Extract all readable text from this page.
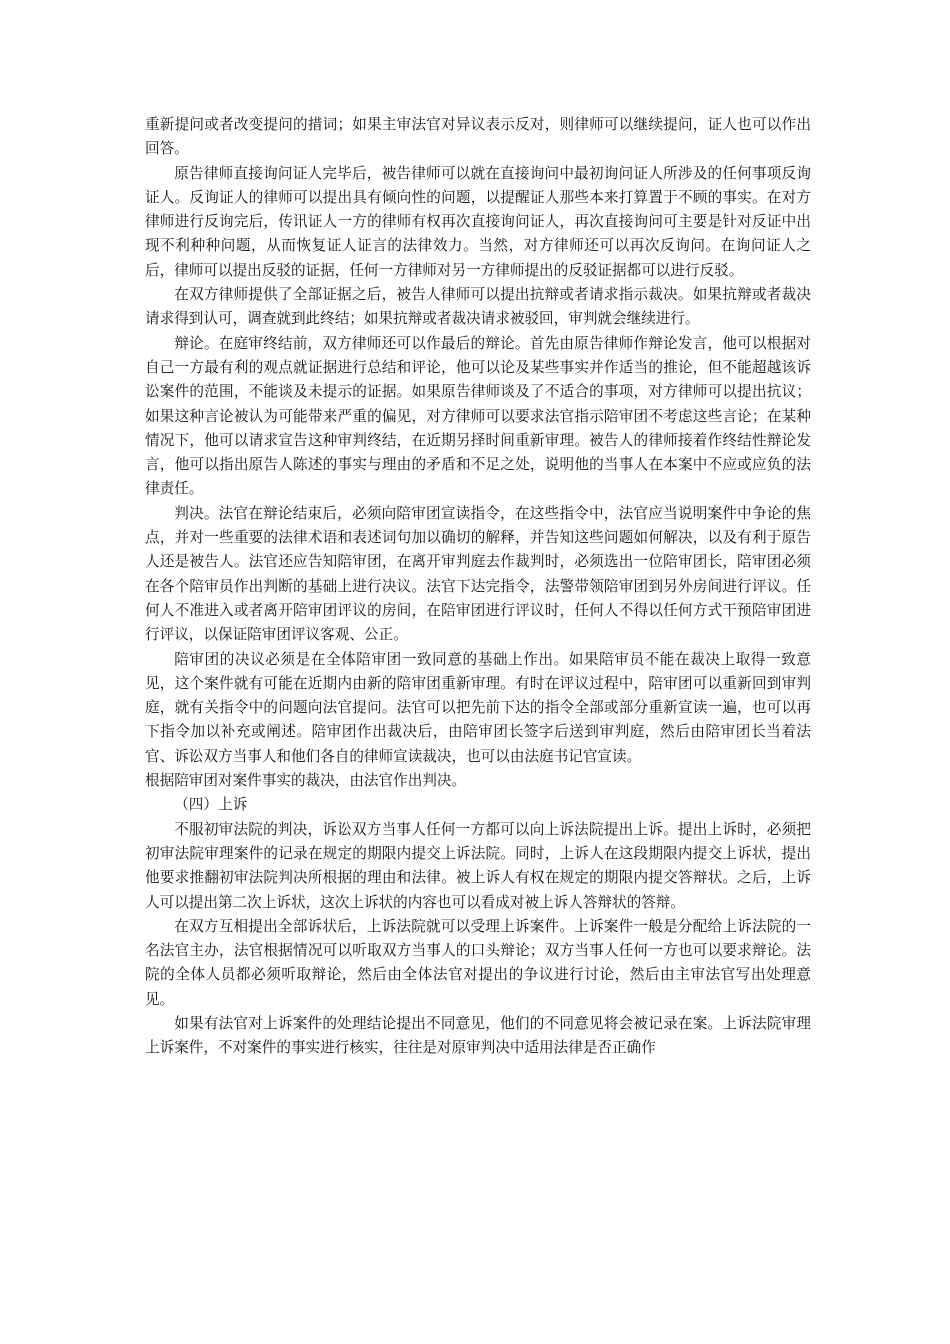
重新提问或者改变提问的措词；如果主审法官对异议表示反对，则律师可以继续提问，证人也可以作出回答。

原告律师直接询问证人完毕后，被告律师可以就在直接询问中最初询问证人所涉及的任何事项反询证人。反询证人的律师可以提出具有倾向性的问题，以提醒证人那些本来打算置于不顾的事实。在对方律师进行反询完后，传讯证人一方的律师有权再次直接询问证人，再次直接询问可主要是针对反证中出现不利种种问题，从而恢复证人证言的法律效力。当然，对方律师还可以再次反询问。在询问证人之后，律师可以提出反驳的证据，任何一方律师对另一方律师提出的反驳证据都可以进行反驳。

在双方律师提供了全部证据之后，被告人律师可以提出抗辩或者请求指示裁决。如果抗辩或者裁决请求得到认可，调查就到此终结；如果抗辩或者裁决请求被驳回，审判就会继续进行。

辩论。在庭审终结前，双方律师还可以作最后的辩论。首先由原告律师作辩论发言，他可以根据对自己一方最有利的观点就证据进行总结和评论，他可以论及某些事实并作适当的推论，但不能超越该诉讼案件的范围，不能谈及未提示的证据。如果原告律师谈及了不适合的事项，对方律师可以提出抗议；如果这种言论被认为可能带来严重的偏见，对方律师可以要求法官指示陪审团不考虑这些言论；在某种情况下，他可以请求宣告这种审判终结，在近期另择时间重新审理。被告人的律师接着作终结性辩论发言，他可以指出原告人陈述的事实与理由的矛盾和不足之处，说明他的当事人在本案中不应或应负的法律责任。

判决。法官在辩论结束后，必须向陪审团宣读指令，在这些指令中，法官应当说明案件中争论的焦点，并对一些重要的法律术语和表述词句加以确切的解释，并告知这些问题如何解决，以及有利于原告人还是被告人。法官还应告知陪审团，在离开审判庭去作裁判时，必须选出一位陪审团长，陪审团必须在各个陪审员作出判断的基础上进行决议。法官下达完指令，法警带领陪审团到另外房间进行评议。任何人不准进入或者离开陪审团评议的房间，在陪审团进行评议时，任何人不得以任何方式干预陪审团进行评议，以保证陪审团评议客观、公正。

陪审团的决议必须是在全体陪审团一致同意的基础上作出。如果陪审员不能在裁决上取得一致意见，这个案件就有可能在近期内由新的陪审团重新审理。有时在评议过程中，陪审团可以重新回到审判庭，就有关指令中的问题向法官提问。法官可以把先前下达的指令全部或部分重新宣读一遍，也可以再下指令加以补充或阐述。陪审团作出裁决后，由陪审团长签字后送到审判庭，然后由陪审团长当着法官、诉讼双方当事人和他们各自的律师宣读裁决，也可以由法庭书记官宣读。

根据陪审团对案件事实的裁决，由法官作出判决。

（四）上诉

不服初审法院的判决，诉讼双方当事人任何一方都可以向上诉法院提出上诉。提出上诉时，必须把初审法院审理案件的记录在规定的期限内提交上诉法院。同时，上诉人在这段期限内提交上诉状，提出他要求推翻初审法院判决所根据的理由和法律。被上诉人有权在规定的期限内提交答辩状。之后，上诉人可以提出第二次上诉状，这次上诉状的内容也可以看成对被上诉人答辩状的答辩。

在双方互相提出全部诉状后，上诉法院就可以受理上诉案件。上诉案件一般是分配给上诉法院的一名法官主办，法官根据情况可以听取双方当事人的口头辩论；双方当事人任何一方也可以要求辩论。法院的全体人员都必须听取辩论，然后由全体法官对提出的争议进行讨论，然后由主审法官写出处理意见。

如果有法官对上诉案件的处理结论提出不同意见，他们的不同意见将会被记录在案。上诉法院审理上诉案件，不对案件的事实进行核实，往往是对原审判决中适用法律是否正确作
